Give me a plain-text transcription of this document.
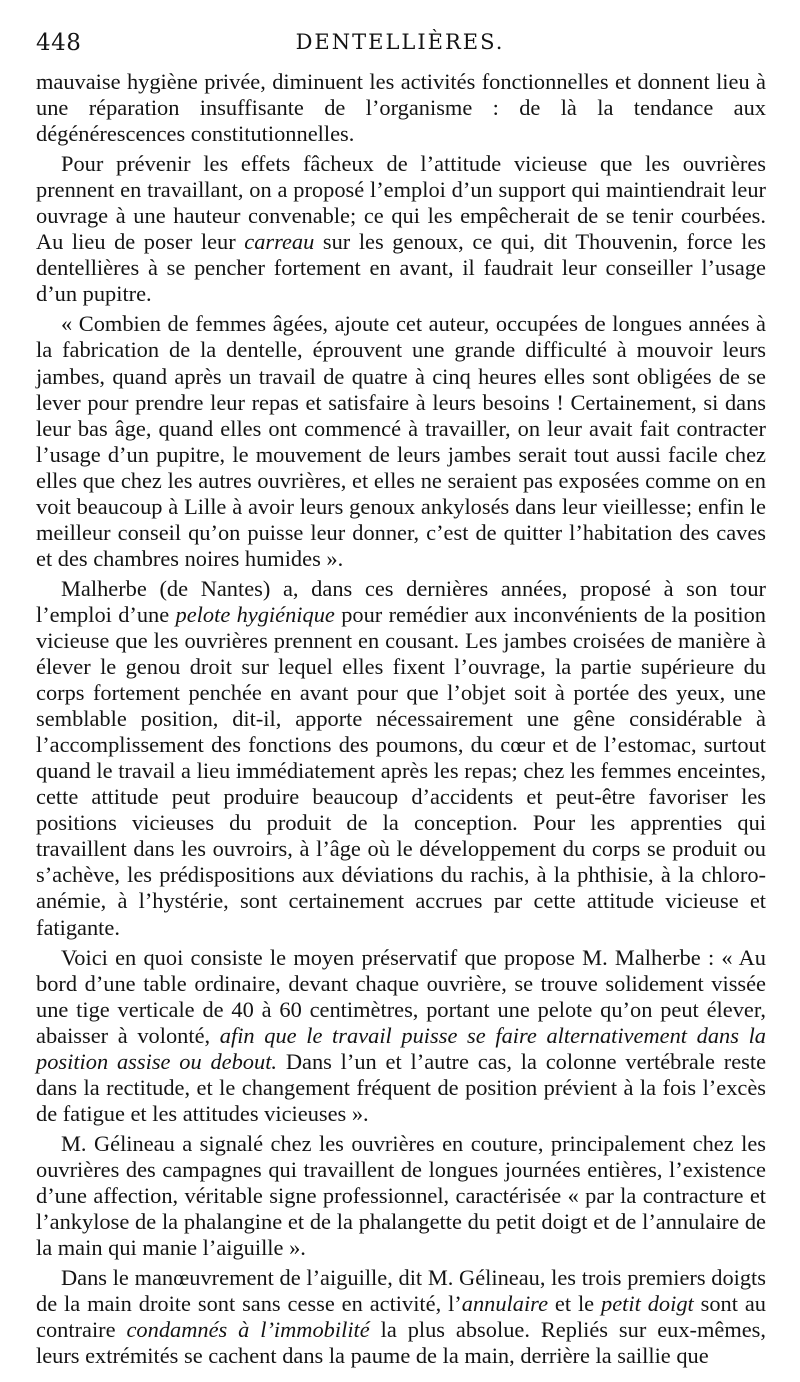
448	DENTELLIÈRES.

mauvaise hygiène privée, diminuent les activités fonctionnelles et donnent lieu à une réparation insuffisante de l’organisme : de là la tendance aux dégénérescences constitutionnelles.

Pour prévenir les effets fâcheux de l’attitude vicieuse que les ouvrières prennent en travaillant, on a proposé l’emploi d’un support qui maintiendrait leur ouvrage à une hauteur convenable; ce qui les empêcherait de se tenir courbées. Au lieu de poser leur carreau sur les genoux, ce qui, dit Thouvenin, force les dentellières à se pencher fortement en avant, il faudrait leur conseiller l’usage d’un pupitre.

« Combien de femmes âgées, ajoute cet auteur, occupées de longues années à la fabrication de la dentelle, éprouvent une grande difficulté à mouvoir leurs jambes, quand après un travail de quatre à cinq heures elles sont obligées de se lever pour prendre leur repas et satisfaire à leurs besoins ! Certainement, si dans leur bas âge, quand elles ont commencé à travailler, on leur avait fait contracter l’usage d’un pupitre, le mouvement de leurs jambes serait tout aussi facile chez elles que chez les autres ouvrières, et elles ne seraient pas exposées comme on en voit beaucoup à Lille à avoir leurs genoux ankylosés dans leur vieillesse; enfin le meilleur conseil qu’on puisse leur donner, c’est de quitter l’habitation des caves et des chambres noires humides ».

Malherbe (de Nantes) a, dans ces dernières années, proposé à son tour l’emploi d’une pelote hygiénique pour remédier aux inconvénients de la position vicieuse que les ouvrières prennent en cousant. Les jambes croisées de manière à élever le genou droit sur lequel elles fixent l’ouvrage, la partie supérieure du corps fortement penchée en avant pour que l’objet soit à portée des yeux, une semblable position, dit-il, apporte nécessairement une gêne considérable à l’accomplissement des fonctions des poumons, du cœur et de l’estomac, surtout quand le travail a lieu immédiatement après les repas; chez les femmes enceintes, cette attitude peut produire beaucoup d’accidents et peut-être favoriser les positions vicieuses du produit de la conception. Pour les apprenties qui travaillent dans les ouvroirs, à l’âge où le développement du corps se produit ou s’achève, les prédispositions aux déviations du rachis, à la phthisie, à la chloro-anémie, à l’hystérie, sont certainement accrues par cette attitude vicieuse et fatigante.

Voici en quoi consiste le moyen préservatif que propose M. Malherbe : « Au bord d’une table ordinaire, devant chaque ouvrière, se trouve solidement vissée une tige verticale de 40 à 60 centimètres, portant une pelote qu’on peut élever, abaisser à volonté, afin que le travail puisse se faire alternativement dans la position assise ou debout. Dans l’un et l’autre cas, la colonne vertébrale reste dans la rectitude, et le changement fréquent de position prévient à la fois l’excès de fatigue et les attitudes vicieuses ».

M. Gélineau a signalé chez les ouvrières en couture, principalement chez les ouvrières des campagnes qui travaillent de longues journées entières, l’existence d’une affection, véritable signe professionnel, caractérisée « par la contracture et l’ankylose de la phalangine et de la phalangette du petit doigt et de l’annulaire de la main qui manie l’aiguille ».

Dans le manœuvrement de l’aiguille, dit M. Gélineau, les trois premiers doigts de la main droite sont sans cesse en activité, l’annulaire et le petit doigt sont au contraire condamnés à l’immobilité la plus absolue. Repliés sur eux-mêmes, leurs extrémités se cachent dans la paume de la main, derrière la saillie que
